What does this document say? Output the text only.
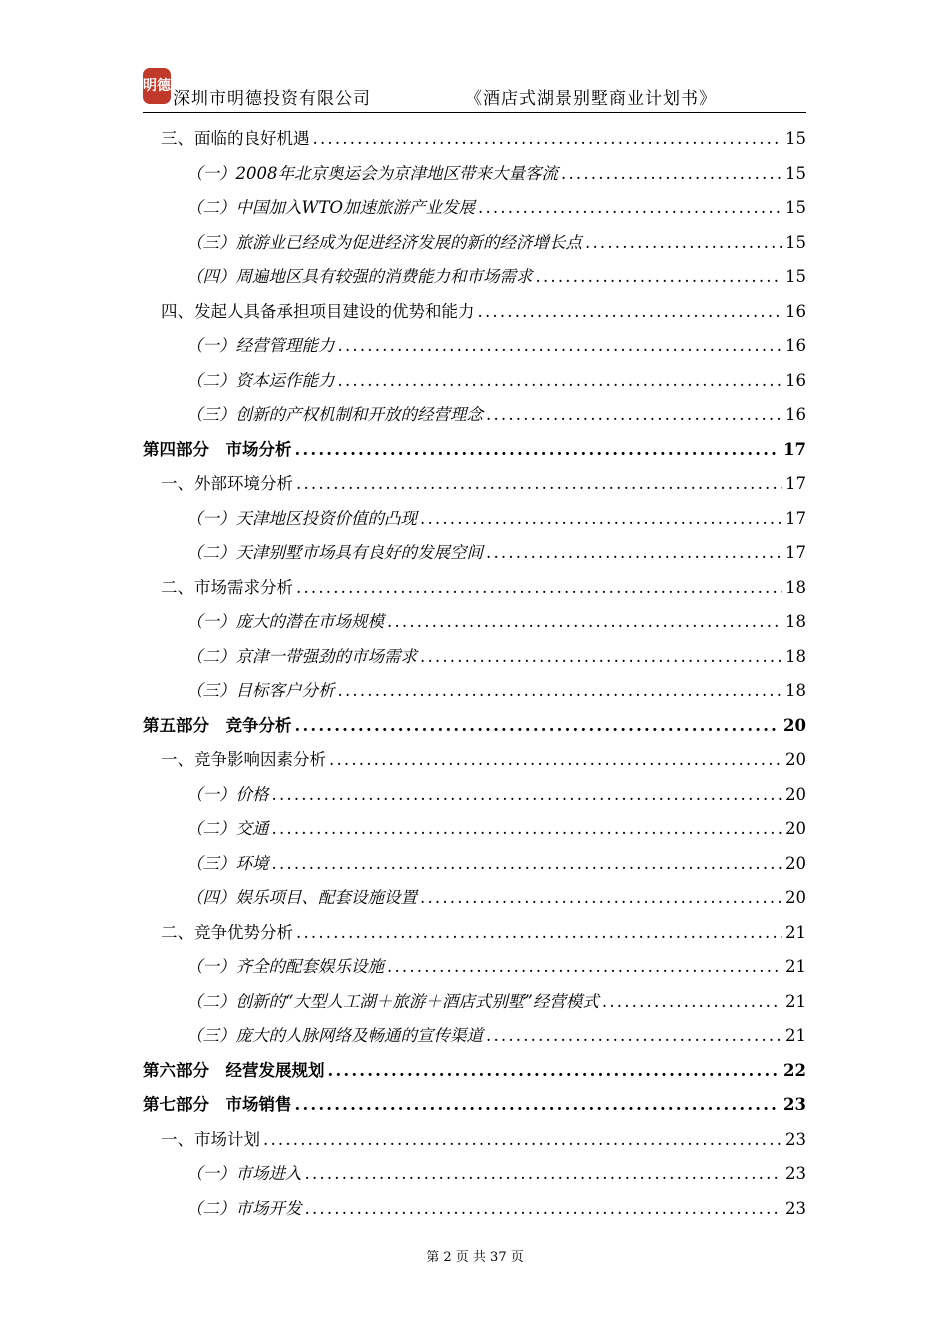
明德
深圳市明德投资有限公司	《酒店式湖景别墅商业计划书》
三、面临的良好机遇 .....	15
（一）2008年北京奥运会为京津地区带来大量客流 .....	15
（二）中国加入WTO加速旅游产业发展 .....	15
（三）旅游业已经成为促进经济发展的新的经济增长点 .....	15
（四）周遍地区具有较强的消费能力和市场需求 .....	15
四、发起人具备承担项目建设的优势和能力 .....	16
（一）经营管理能力 .....	16
（二）资本运作能力 .....	16
（三）创新的产权机制和开放的经营理念 .....	16
第四部分　市场分析 .....	17
一、外部环境分析 .....	17
（一）天津地区投资价值的凸现 .....	17
（二）天津别墅市场具有良好的发展空间 .....	17
二、市场需求分析 .....	18
（一）庞大的潜在市场规模 .....	18
（二）京津一带强劲的市场需求 .....	18
（三）目标客户分析 .....	18
第五部分　竞争分析 .....	20
一、竞争影响因素分析 .....	20
（一）价格 .....	20
（二）交通 .....	20
（三）环境 .....	20
（四）娱乐项目、配套设施设置 .....	20
二、竞争优势分析 .....	21
（一）齐全的配套娱乐设施 .....	21
（二）创新的“大型人工湖＋旅游＋酒店式别墅”经营模式 .....	21
（三）庞大的人脉网络及畅通的宣传渠道 .....	21
第六部分　经营发展规划 .....	22
第七部分　市场销售 .....	23
一、市场计划 .....	23
（一）市场进入 .....	23
（二）市场开发 .....	23
第 2 页 共 37 页
